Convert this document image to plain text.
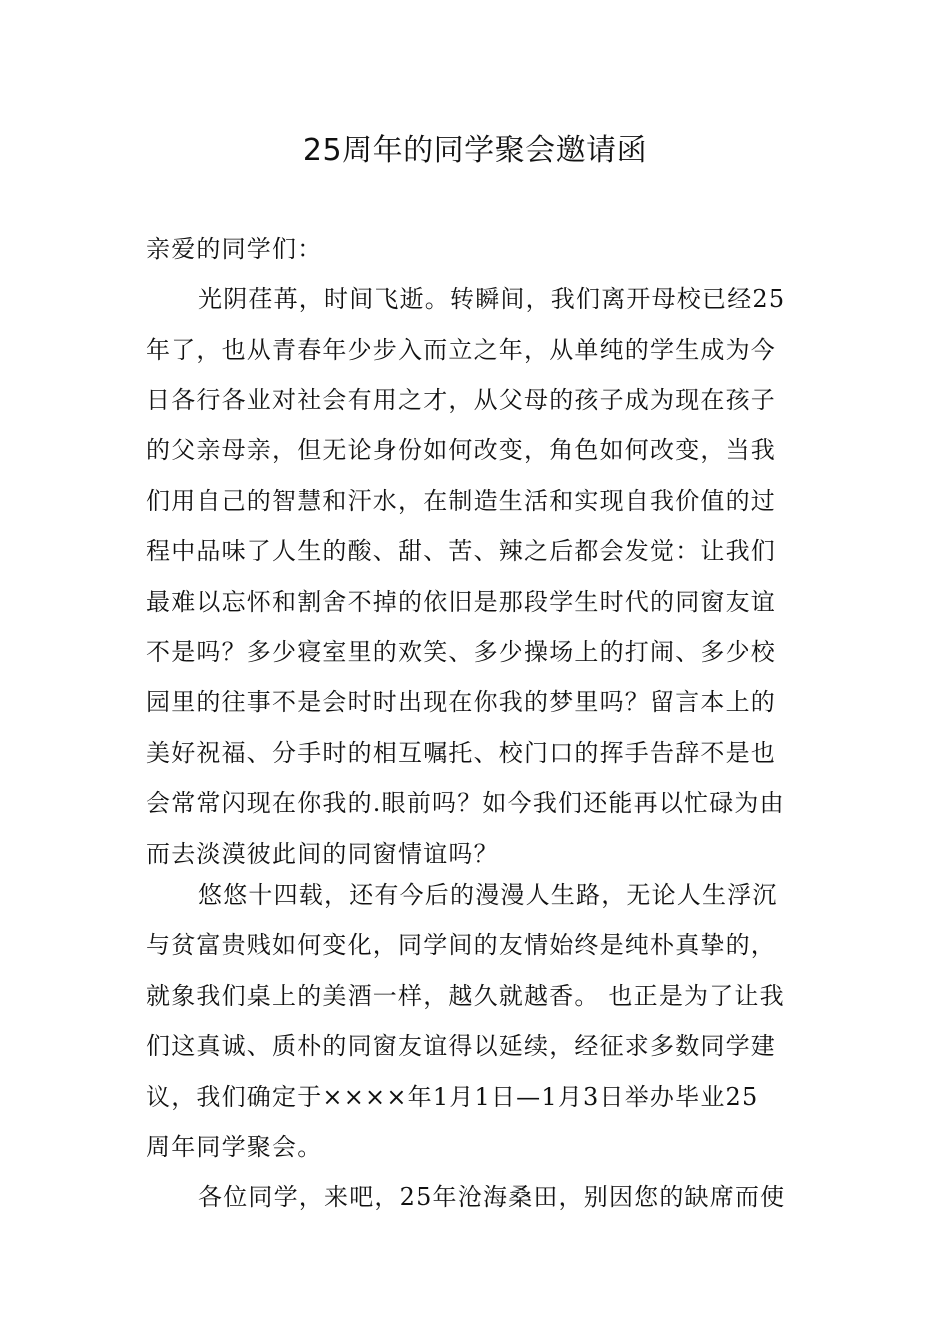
25周年的同学聚会邀请函
亲爱的同学们：
光阴荏苒，时间飞逝。转瞬间，我们离开母校已经25
年了，也从青春年少步入而立之年，从单纯的学生成为今
日各行各业对社会有用之才，从父母的孩子成为现在孩子
的父亲母亲，但无论身份如何改变，角色如何改变，当我
们用自己的智慧和汗水，在制造生活和实现自我价值的过
程中品味了人生的酸、甜、苦、辣之后都会发觉：让我们
最难以忘怀和割舍不掉的依旧是那段学生时代的同窗友谊
不是吗？多少寝室里的欢笑、多少操场上的打闹、多少校
园里的往事不是会时时出现在你我的梦里吗？留言本上的
美好祝福、分手时的相互嘱托、校门口的挥手告辞不是也
会常常闪现在你我的.眼前吗？如今我们还能再以忙碌为由
而去淡漠彼此间的同窗情谊吗？
悠悠十四载，还有今后的漫漫人生路，无论人生浮沉
与贫富贵贱如何变化，同学间的友情始终是纯朴真挚的，
就象我们桌上的美酒一样，越久就越香。 也正是为了让我
们这真诚、质朴的同窗友谊得以延续，经征求多数同学建
议，我们确定于××××年1月1日—1月3日举办毕业25
周年同学聚会。
各位同学，来吧，25年沧海桑田，别因您的缺席而使
